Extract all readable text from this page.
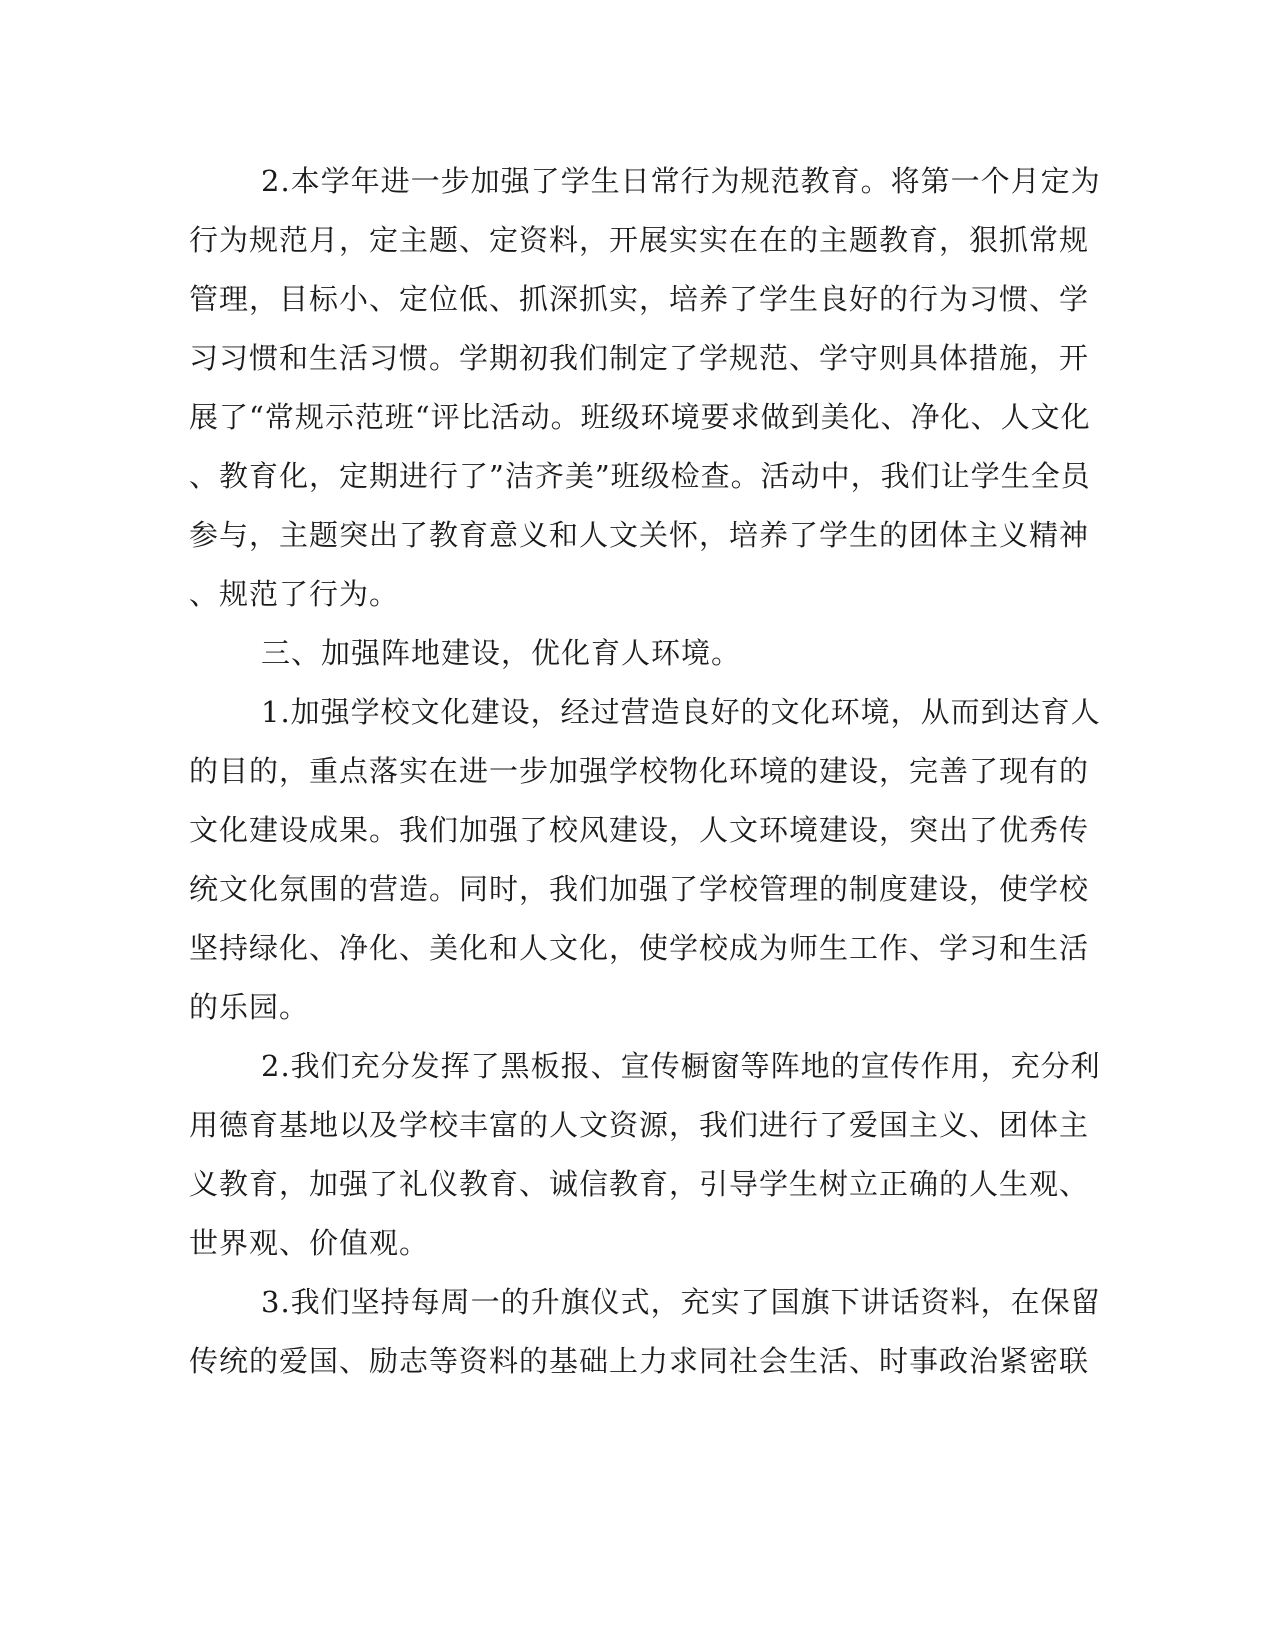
2.本学年进一步加强了学生日常行为规范教育。将第一个月定为
行为规范月，定主题、定资料，开展实实在在的主题教育，狠抓常规
管理，目标小、定位低、抓深抓实，培养了学生良好的行为习惯、学
习习惯和生活习惯。学期初我们制定了学规范、学守则具体措施，开
展了“常规示范班“评比活动。班级环境要求做到美化、净化、人文化
、教育化，定期进行了”洁齐美”班级检查。活动中，我们让学生全员
参与，主题突出了教育意义和人文关怀，培养了学生的团体主义精神
、规范了行为。
三、加强阵地建设，优化育人环境。
1.加强学校文化建设，经过营造良好的文化环境，从而到达育人
的目的，重点落实在进一步加强学校物化环境的建设，完善了现有的
文化建设成果。我们加强了校风建设，人文环境建设，突出了优秀传
统文化氛围的营造。同时，我们加强了学校管理的制度建设，使学校
坚持绿化、净化、美化和人文化，使学校成为师生工作、学习和生活
的乐园。
2.我们充分发挥了黑板报、宣传橱窗等阵地的宣传作用，充分利
用德育基地以及学校丰富的人文资源，我们进行了爱国主义、团体主
义教育，加强了礼仪教育、诚信教育，引导学生树立正确的人生观、
世界观、价值观。
3.我们坚持每周一的升旗仪式，充实了国旗下讲话资料，在保留
传统的爱国、励志等资料的基础上力求同社会生活、时事政治紧密联
